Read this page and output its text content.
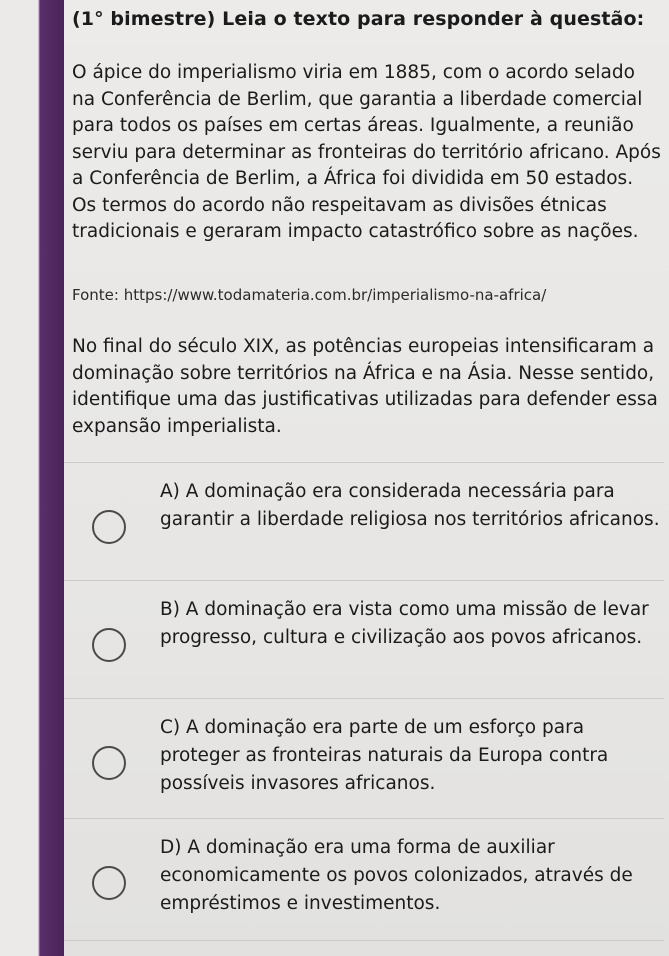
(1° bimestre) Leia o texto para responder à questão:
O ápice do imperialismo viria em 1885, com o acordo selado na Conferência de Berlim, que garantia a liberdade comercial para todos os países em certas áreas. Igualmente, a reunião serviu para determinar as fronteiras do território africano. Após a Conferência de Berlim, a África foi dividida em 50 estados. Os termos do acordo não respeitavam as divisões étnicas tradicionais e geraram impacto catastrófico sobre as nações.
Fonte: https://www.todamateria.com.br/imperialismo-na-africa/
No final do século XIX, as potências europeias intensificaram a dominação sobre territórios na África e na Ásia. Nesse sentido, identifique uma das justificativas utilizadas para defender essa expansão imperialista.
A) A dominação era considerada necessária para garantir a liberdade religiosa nos territórios africanos.
B) A dominação era vista como uma missão de levar progresso, cultura e civilização aos povos africanos.
C) A dominação era parte de um esforço para proteger as fronteiras naturais da Europa contra possíveis invasores africanos.
D) A dominação era uma forma de auxiliar economicamente os povos colonizados, através de empréstimos e investimentos.
